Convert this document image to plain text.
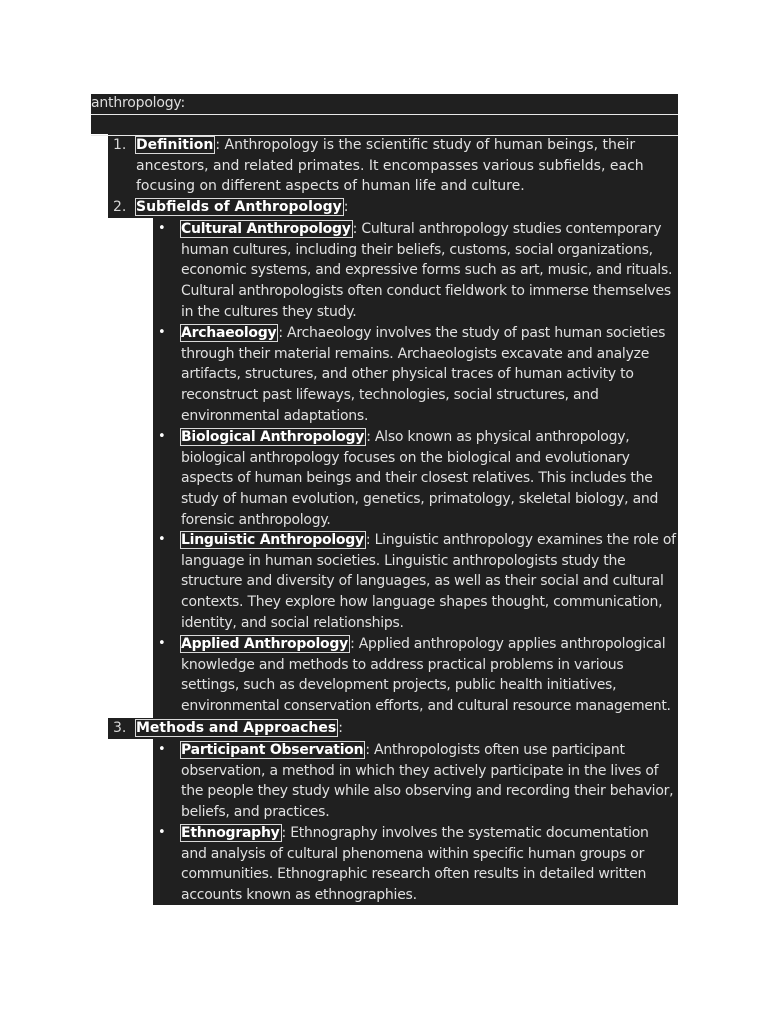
anthropology:
1. Definition : Anthropology is the scientific study of human beings, their ancestors, and related primates. It encompasses various subfields, each focusing on different aspects of human life and culture.
2. Subfields of Anthropology :
• Cultural Anthropology : Cultural anthropology studies contemporary human cultures, including their beliefs, customs, social organizations, economic systems, and expressive forms such as art, music, and rituals. Cultural anthropologists often conduct fieldwork to immerse themselves in the cultures they study.
• Archaeology : Archaeology involves the study of past human societies through their material remains. Archaeologists excavate and analyze artifacts, structures, and other physical traces of human activity to reconstruct past lifeways, technologies, social structures, and environmental adaptations.
• Biological Anthropology : Also known as physical anthropology, biological anthropology focuses on the biological and evolutionary aspects of human beings and their closest relatives. This includes the study of human evolution, genetics, primatology, skeletal biology, and forensic anthropology.
• Linguistic Anthropology : Linguistic anthropology examines the role of language in human societies. Linguistic anthropologists study the structure and diversity of languages, as well as their social and cultural contexts. They explore how language shapes thought, communication, identity, and social relationships.
• Applied Anthropology : Applied anthropology applies anthropological knowledge and methods to address practical problems in various settings, such as development projects, public health initiatives, environmental conservation efforts, and cultural resource management.
3. Methods and Approaches :
• Participant Observation : Anthropologists often use participant observation, a method in which they actively participate in the lives of the people they study while also observing and recording their behavior, beliefs, and practices.
• Ethnography : Ethnography involves the systematic documentation and analysis of cultural phenomena within specific human groups or communities. Ethnographic research often results in detailed written accounts known as ethnographies.
